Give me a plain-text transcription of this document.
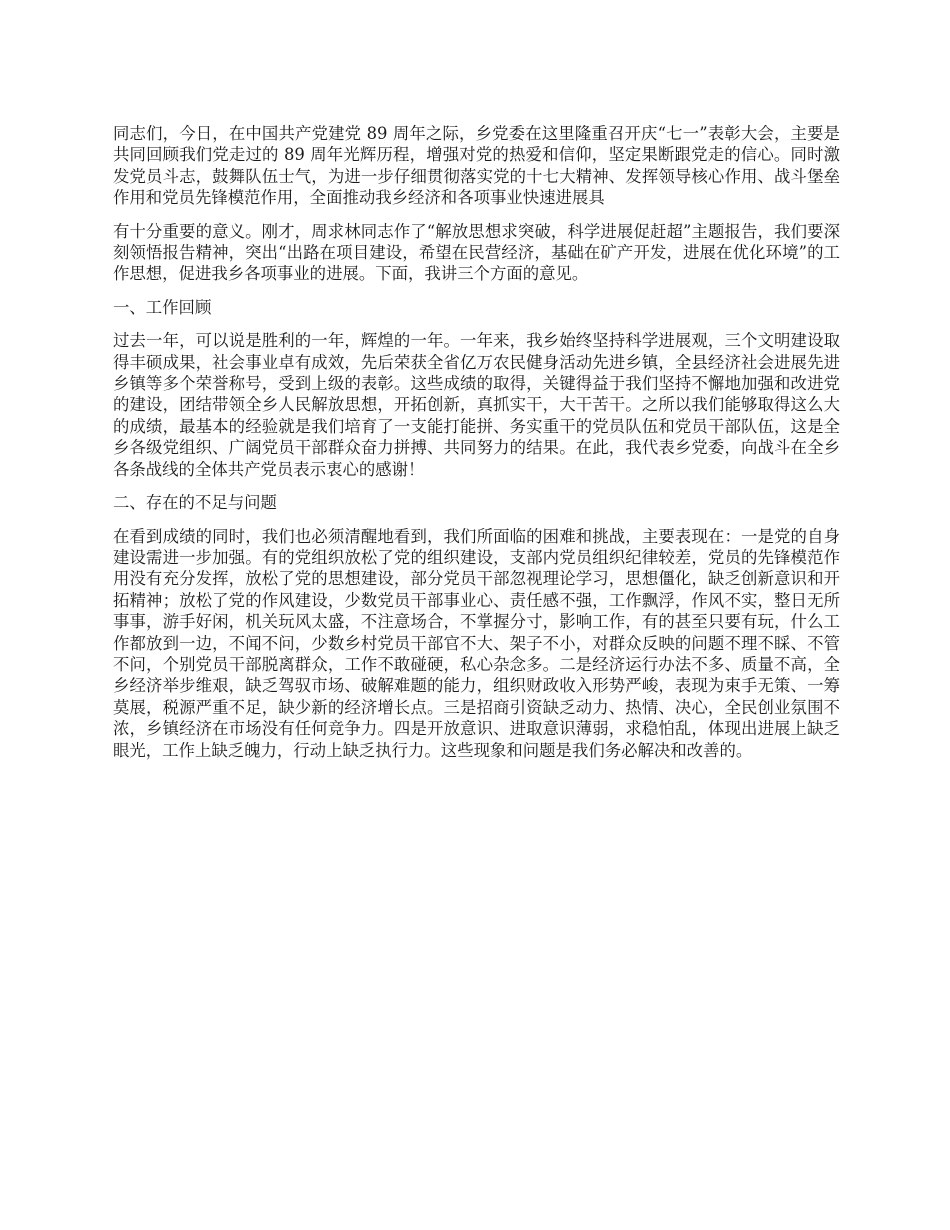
同志们，今日，在中国共产党建党 89 周年之际，乡党委在这里隆重召开庆“七一”表彰大会，主要是共同回顾我们党走过的 89 周年光辉历程，增强对党的热爱和信仰，坚定果断跟党走的信心。同时激发党员斗志，鼓舞队伍士气，为进一步仔细贯彻落实党的十七大精神、发挥领导核心作用、战斗堡垒作用和党员先锋模范作用，全面推动我乡经济和各项事业快速进展具

有十分重要的意义。刚才，周求林同志作了“解放思想求突破，科学进展促赶超”主题报告，我们要深刻领悟报告精神，突出“出路在项目建设，希望在民营经济，基础在矿产开发，进展在优化环境”的工作思想，促进我乡各项事业的进展。下面，我讲三个方面的意见。

一、工作回顾

过去一年，可以说是胜利的一年，辉煌的一年。一年来，我乡始终坚持科学进展观，三个文明建设取得丰硕成果，社会事业卓有成效，先后荣获全省亿万农民健身活动先进乡镇，全县经济社会进展先进乡镇等多个荣誉称号，受到上级的表彰。这些成绩的取得，关键得益于我们坚持不懈地加强和改进党的建设，团结带领全乡人民解放思想，开拓创新，真抓实干，大干苦干。之所以我们能够取得这么大的成绩，最基本的经验就是我们培育了一支能打能拼、务实重干的党员队伍和党员干部队伍，这是全乡各级党组织、广阔党员干部群众奋力拼搏、共同努力的结果。在此，我代表乡党委，向战斗在全乡各条战线的全体共产党员表示衷心的感谢！

二、存在的不足与问题

在看到成绩的同时，我们也必须清醒地看到，我们所面临的困难和挑战，主要表现在：一是党的自身建设需进一步加强。有的党组织放松了党的组织建设，支部内党员组织纪律较差，党员的先锋模范作用没有充分发挥，放松了党的思想建设，部分党员干部忽视理论学习，思想僵化，缺乏创新意识和开拓精神；放松了党的作风建设，少数党员干部事业心、责任感不强，工作飘浮，作风不实，整日无所事事，游手好闲，机关玩风太盛，不注意场合，不掌握分寸，影响工作，有的甚至只要有玩，什么工作都放到一边，不闻不问，少数乡村党员干部官不大、架子不小，对群众反映的问题不理不睬、不管不问，个别党员干部脱离群众，工作不敢碰硬，私心杂念多。二是经济运行办法不多、质量不高，全乡经济举步维艰，缺乏驾驭市场、破解难题的能力，组织财政收入形势严峻，表现为束手无策、一筹莫展，税源严重不足，缺少新的经济增长点。三是招商引资缺乏动力、热情、决心，全民创业氛围不浓，乡镇经济在市场没有任何竞争力。四是开放意识、进取意识薄弱，求稳怕乱，体现出进展上缺乏眼光，工作上缺乏魄力，行动上缺乏执行力。这些现象和问题是我们务必解决和改善的。
